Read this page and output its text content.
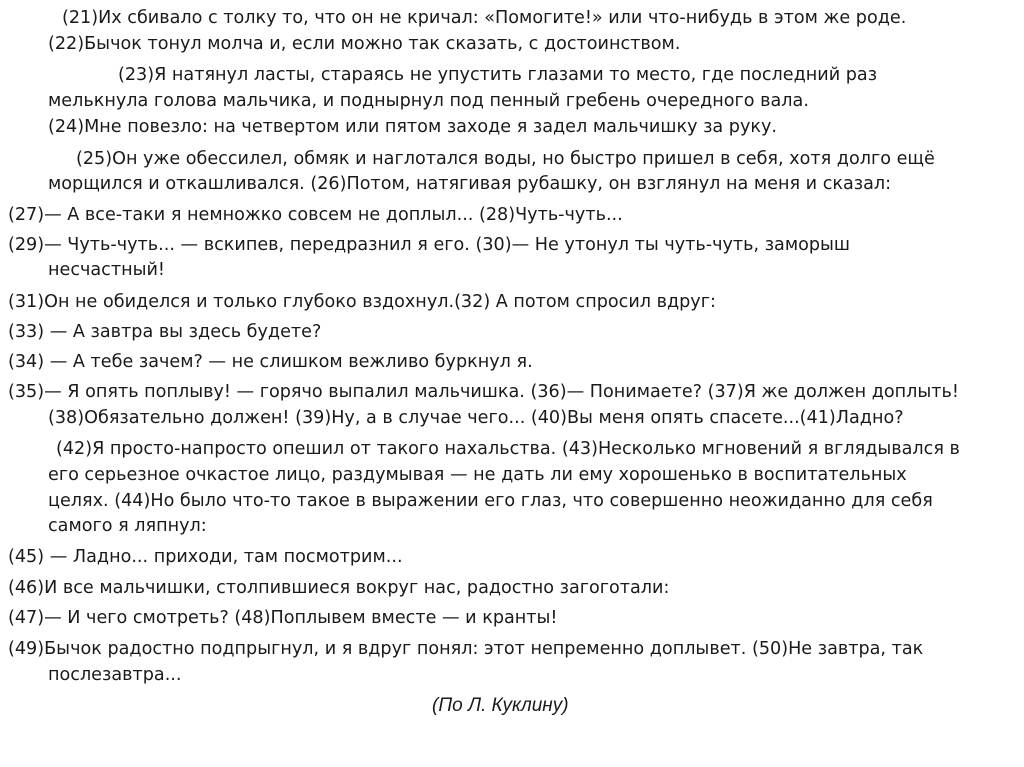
(21)Их сбивало с толку то, что он не кричал: «Помогите!» или что-нибудь в этом же роде.

(22)Бычок тонул молча и, если можно так сказать, с достоинством.

(23)Я натянул ласты, стараясь не упустить глазами то место, где последний раз

мелькнула голова мальчика, и поднырнул под пенный гребень очередного вала.

(24)Мне повезло: на четвертом или пятом заходе я задел мальчишку за руку.

(25)Он уже обессилел, обмяк и наглотался воды, но быстро пришел в себя, хотя долго ещё

морщился и откашливался. (26)Потом, натягивая рубашку, он взглянул на меня и сказал:

(27)— А все-таки я немножко совсем не доплыл... (28)Чуть-чуть...

(29)— Чуть-чуть... — вскипев, передразнил я его. (30)— Не утонул ты чуть-чуть, заморыш

несчастный!

(31)Он не обиделся и только глубоко вздохнул.(32) А потом спросил вдруг:

(33) — А завтра вы здесь будете?

(34) — А тебе зачем? — не слишком вежливо буркнул я.

(35)— Я опять поплыву! — горячо выпалил мальчишка. (36)— Понимаете? (37)Я же должен доплыть!

(38)Обязательно должен! (39)Ну, а в случае чего... (40)Вы меня опять спасете...(41)Ладно?

(42)Я просто-напросто опешил от такого нахальства. (43)Несколько мгновений я вглядывался в

его серьезное очкастое лицо, раздумывая — не дать ли ему хорошенько в воспитательных

целях. (44)Но было что-то такое в выражении его глаз, что совершенно неожиданно для себя

самого я ляпнул:

(45) — Ладно... приходи, там посмотрим...

(46)И все мальчишки, столпившиеся вокруг нас, радостно загоготали:

(47)— И чего смотреть? (48)Поплывем вместе — и кранты!

(49)Бычок радостно подпрыгнул, и я вдруг понял: этот непременно доплывет. (50)Не завтра, так

послезавтра...

(По Л. Куклину)
